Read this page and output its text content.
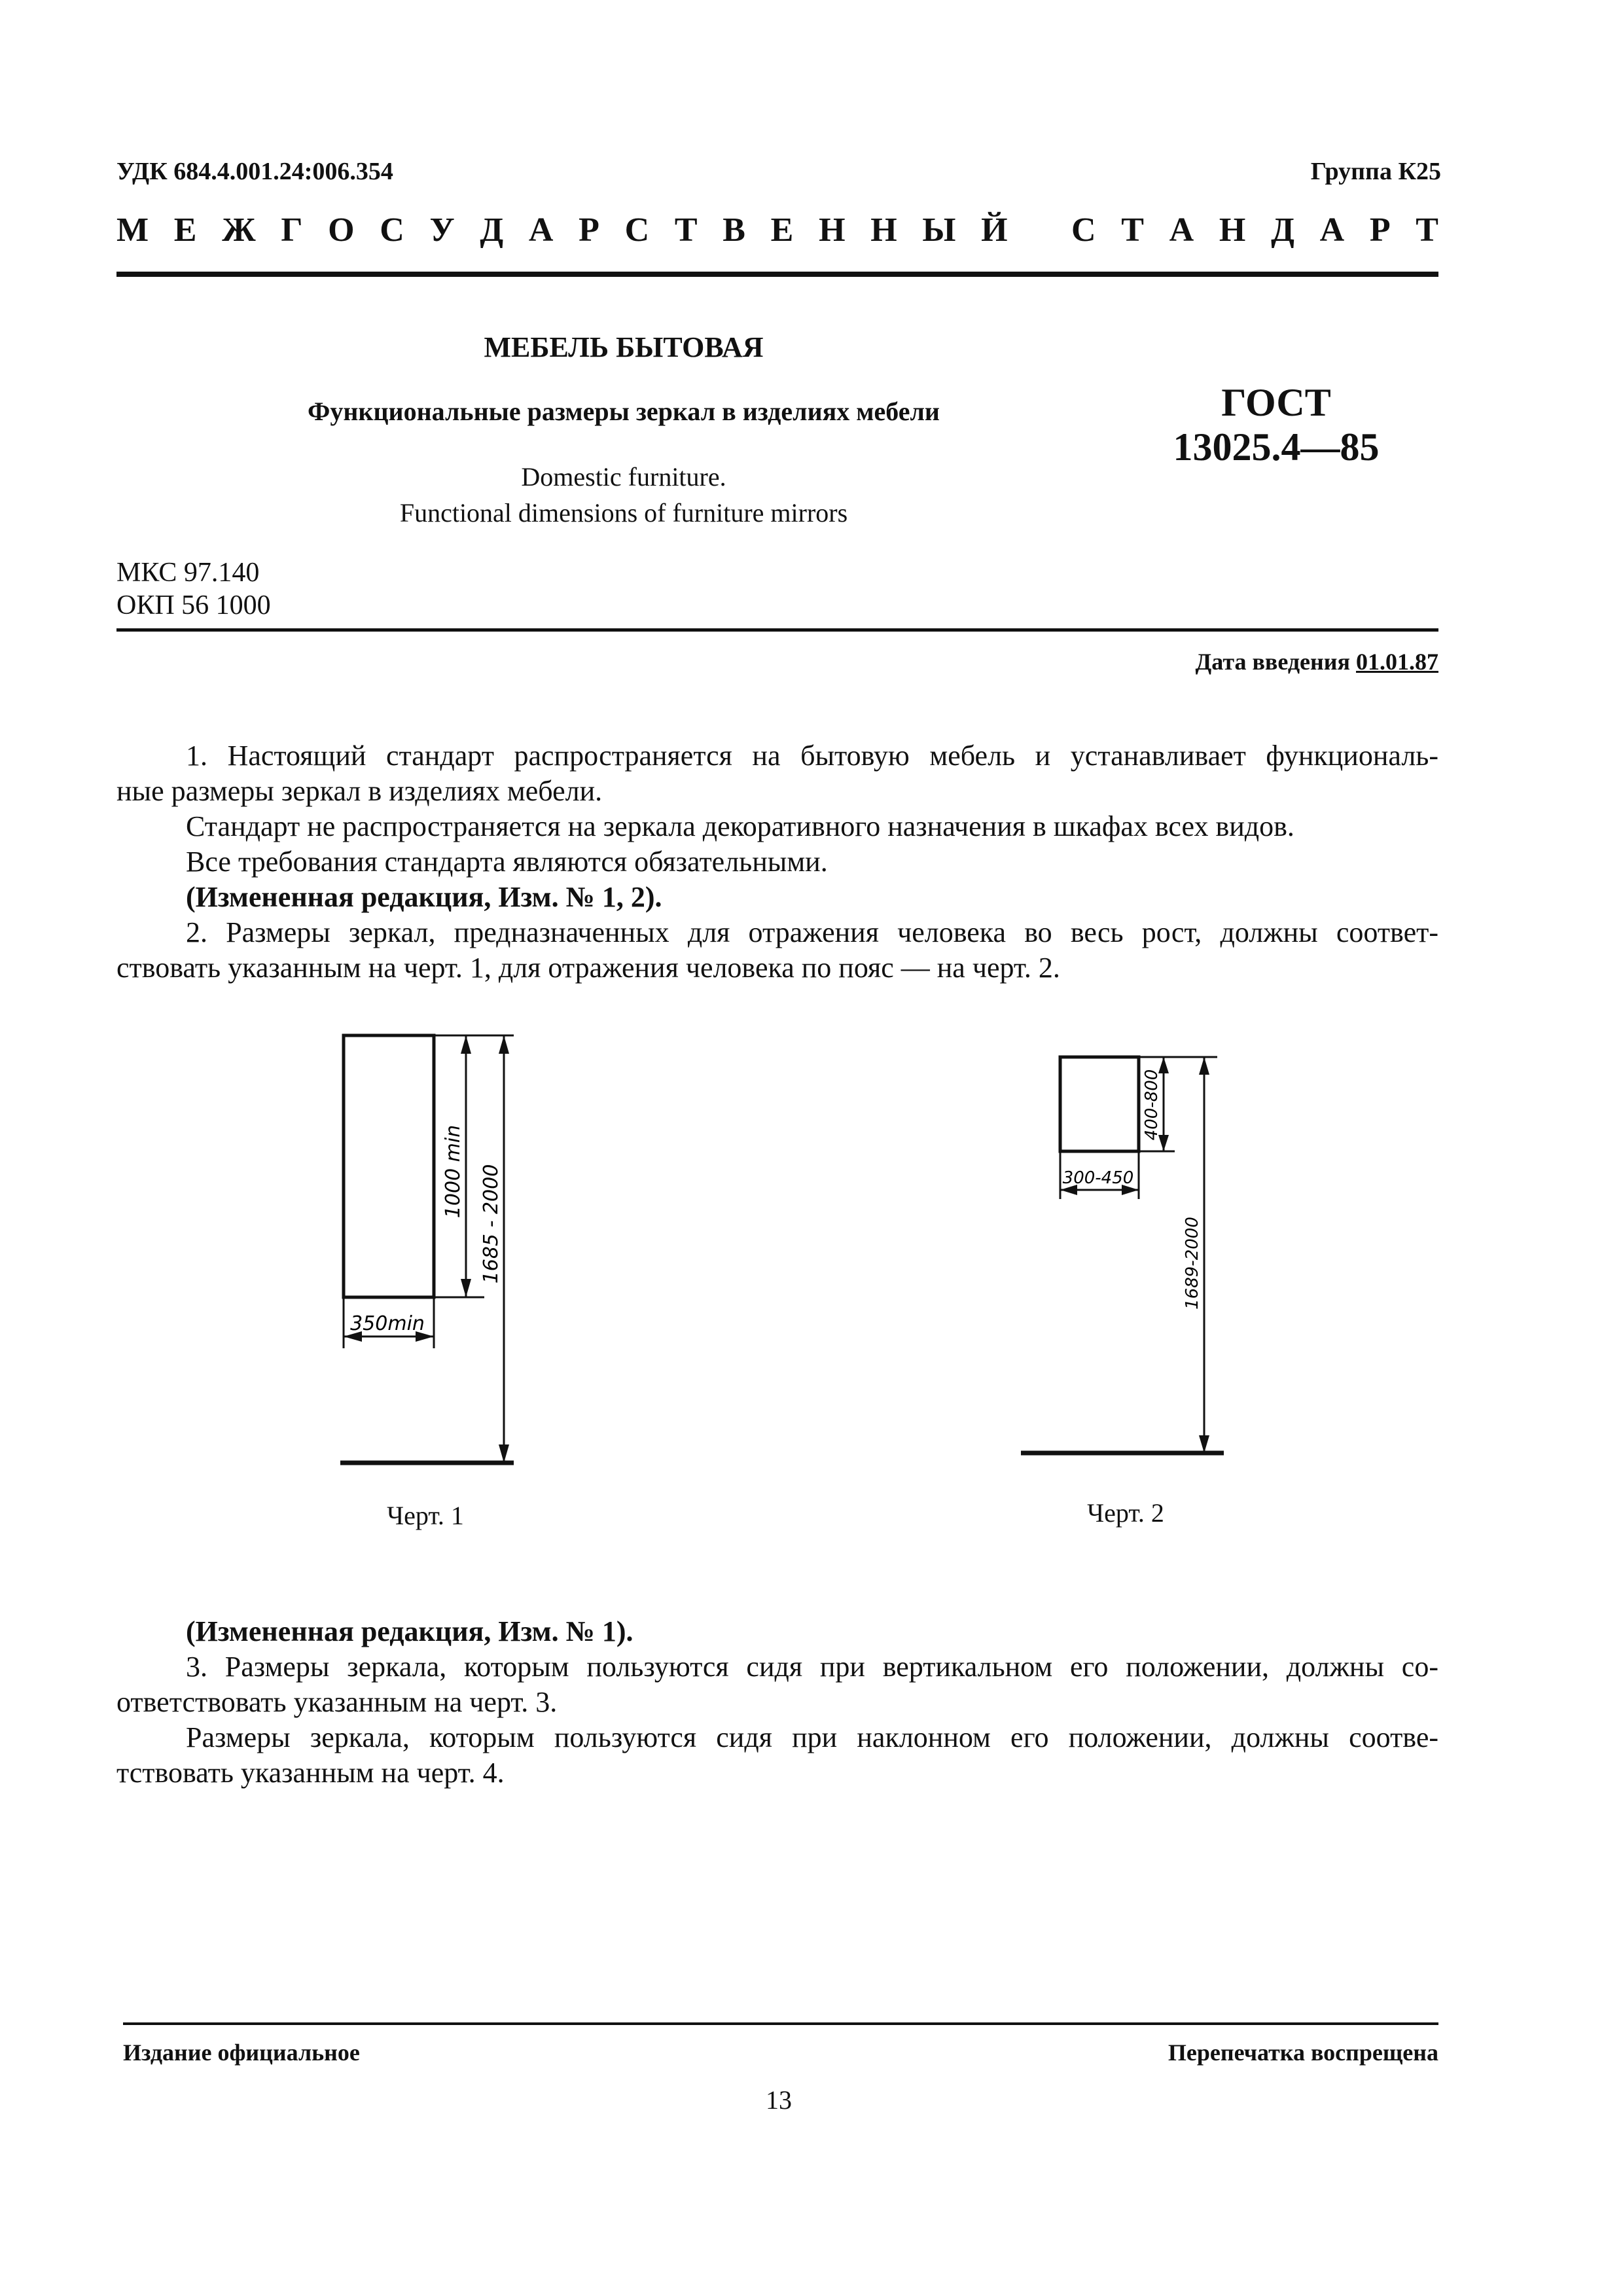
УДК 684.4.001.24:006.354	Группа К25
М Е Ж Г О С У Д А Р С Т В Е Н Н Ы Й С Т А Н Д А Р Т
МЕБЕЛЬ БЫТОВАЯ
Функциональные размеры зеркал в изделиях мебели
Domestic furniture.
Functional dimensions of furniture mirrors
ГОСТ
13025.4—85
МКС 97.140
ОКП 56 1000
Дата введения 01.01.87
1. Настоящий стандарт распространяется на бытовую мебель и устанавливает функциональ-
ные размеры зеркал в изделиях мебели.
Стандарт не распространяется на зеркала декоративного назначения в шкафах всех видов.
Все требования стандарта являются обязательными.
(Измененная редакция, Изм. № 1, 2).
2. Размеры зеркал, предназначенных для отражения человека во весь рост, должны соответ-
ствовать указанным на черт. 1, для отражения человека по пояс — на черт. 2.
1000 min 1685 - 2000
350min
Черт. 1
400-800
1689-2000
300-450
Черт. 2
(Измененная редакция, Изм. № 1).
3. Размеры зеркала, которым пользуются сидя при вертикальном его положении, должны со-
ответствовать указанным на черт. 3.
Размеры зеркала, которым пользуются сидя при наклонном его положении, должны соотве-
тствовать указанным на черт. 4.
Издание официальное	Перепечатка воспрещена
13
